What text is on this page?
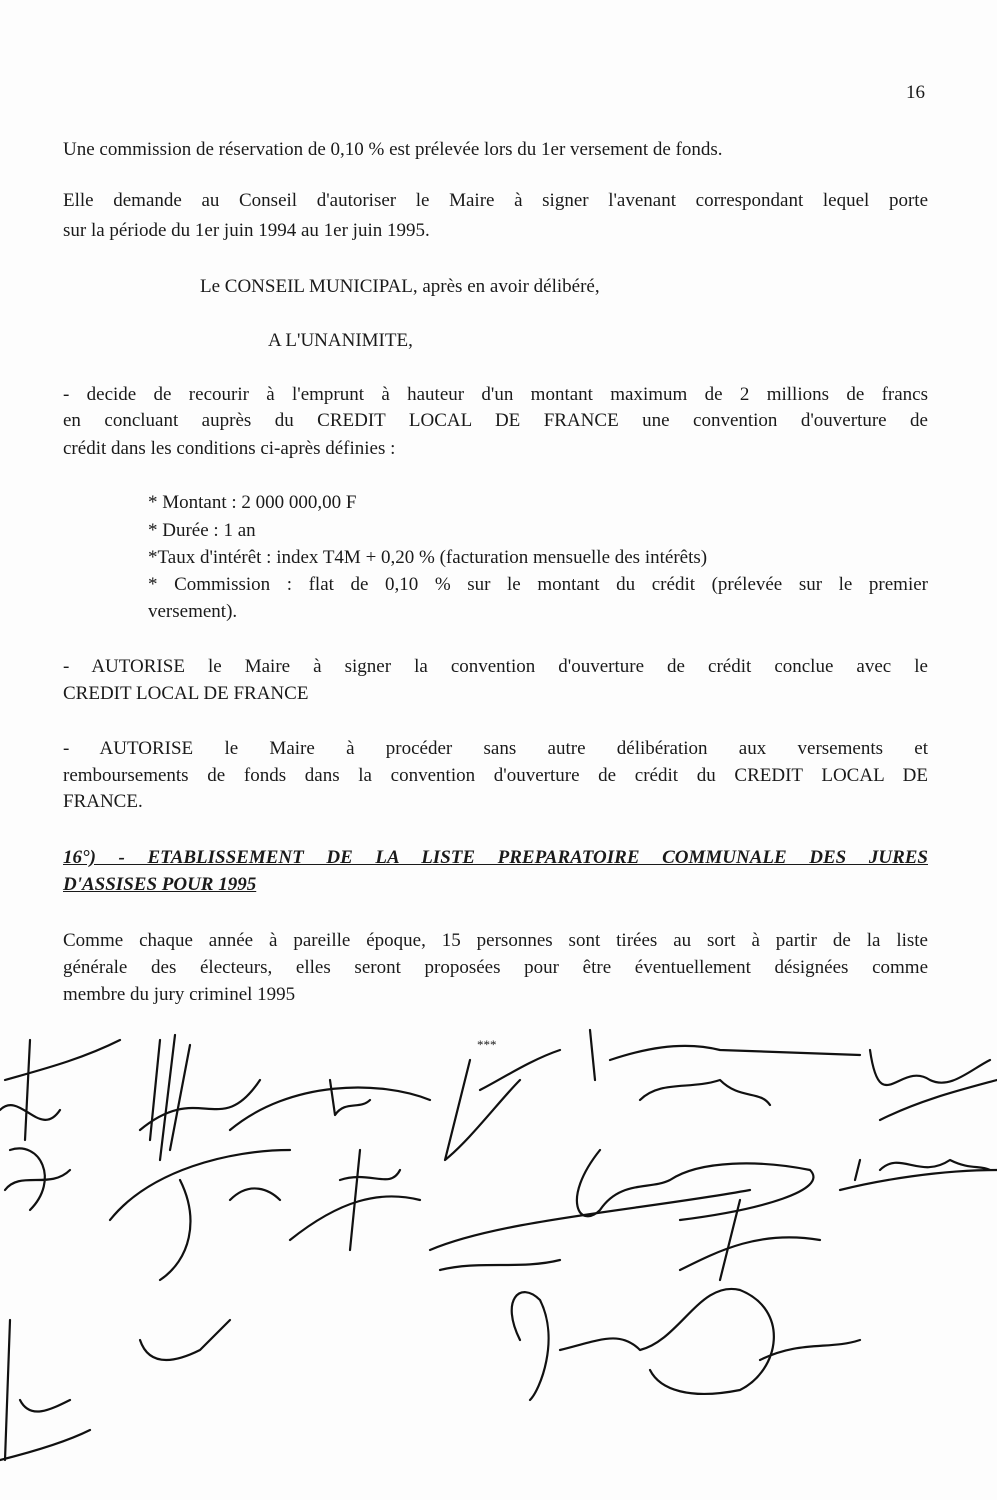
16
Une commission de réservation de 0,10 % est prélevée lors du 1er versement de fonds.
Elle demande au Conseil d'autoriser le Maire à signer l'avenant correspondant lequel porte
sur la période du 1er juin 1994 au 1er juin 1995.
Le CONSEIL MUNICIPAL, après en avoir délibéré,
A L'UNANIMITE,
- decide de recourir à l'emprunt à hauteur d'un montant maximum de 2 millions de francs
en concluant auprès du CREDIT LOCAL DE FRANCE une convention d'ouverture de
crédit dans les conditions ci-après définies :
* Montant : 2 000 000,00 F
* Durée : 1 an
*Taux d'intérêt : index T4M + 0,20 % (facturation mensuelle des intérêts)
* Commission : flat de 0,10 % sur le montant du crédit (prélevée sur le premier
versement).
- AUTORISE le Maire à signer la convention d'ouverture de crédit conclue avec le
CREDIT LOCAL DE FRANCE
- AUTORISE le Maire à procéder sans autre délibération aux versements et
remboursements de fonds dans la convention d'ouverture de crédit du CREDIT LOCAL DE
FRANCE.
16°) - ETABLISSEMENT DE LA LISTE PREPARATOIRE COMMUNALE DES JURES
D'ASSISES POUR 1995
Comme chaque année à pareille époque, 15 personnes sont tirées au sort à partir de la liste
générale des électeurs, elles seront proposées pour être éventuellement désignées comme
membre du jury criminel 1995
***
